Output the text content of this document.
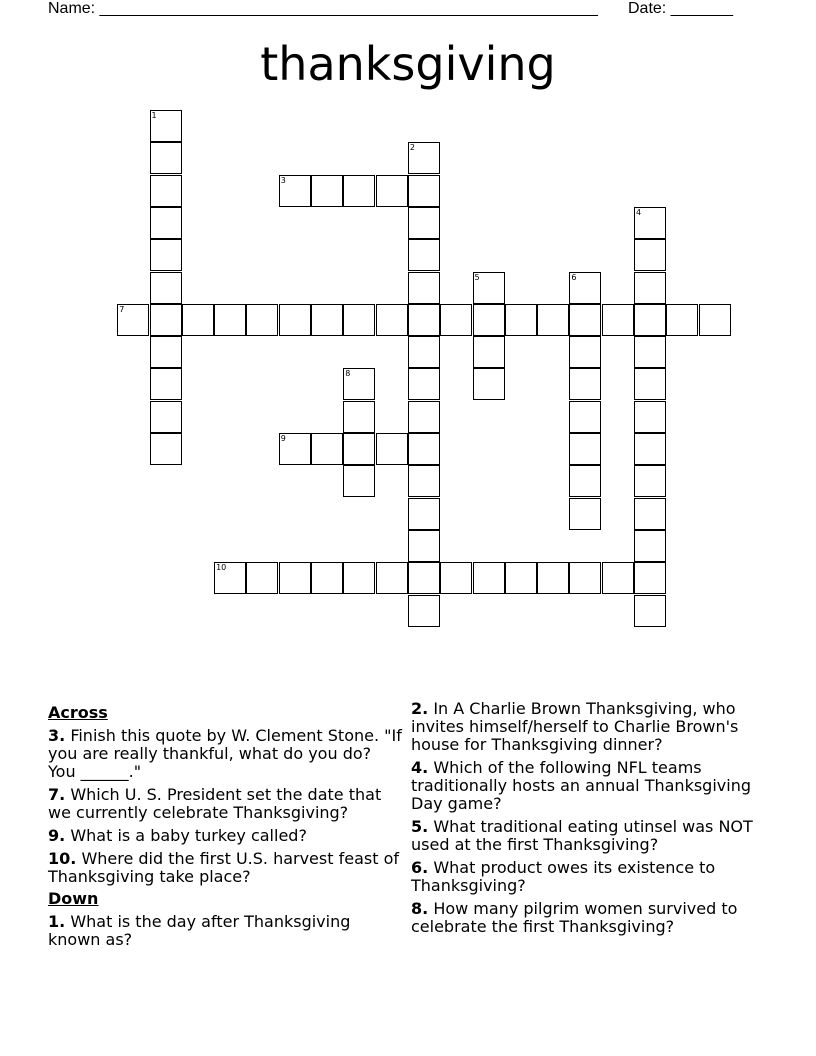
Name: ________________________________________________________ Date: _______
thanksgiving
1
7
2
3
4
5	6
8
9
10
Across
3. Finish this quote by W. Clement Stone. "If you are really thankful, what do you do? You ______."
7. Which U. S. President set the date that we currently celebrate Thanksgiving?
9. What is a baby turkey called?
10. Where did the first U.S. harvest feast of Thanksgiving take place?
Down
1. What is the day after Thanksgiving known as?
2. In A Charlie Brown Thanksgiving, who invites himself/herself to Charlie Brown's house for Thanksgiving dinner?
4. Which of the following NFL teams traditionally hosts an annual Thanksgiving Day game?
5. What traditional eating utinsel was NOT used at the first Thanksgiving?
6. What product owes its existence to Thanksgiving?
8. How many pilgrim women survived to celebrate the first Thanksgiving?
